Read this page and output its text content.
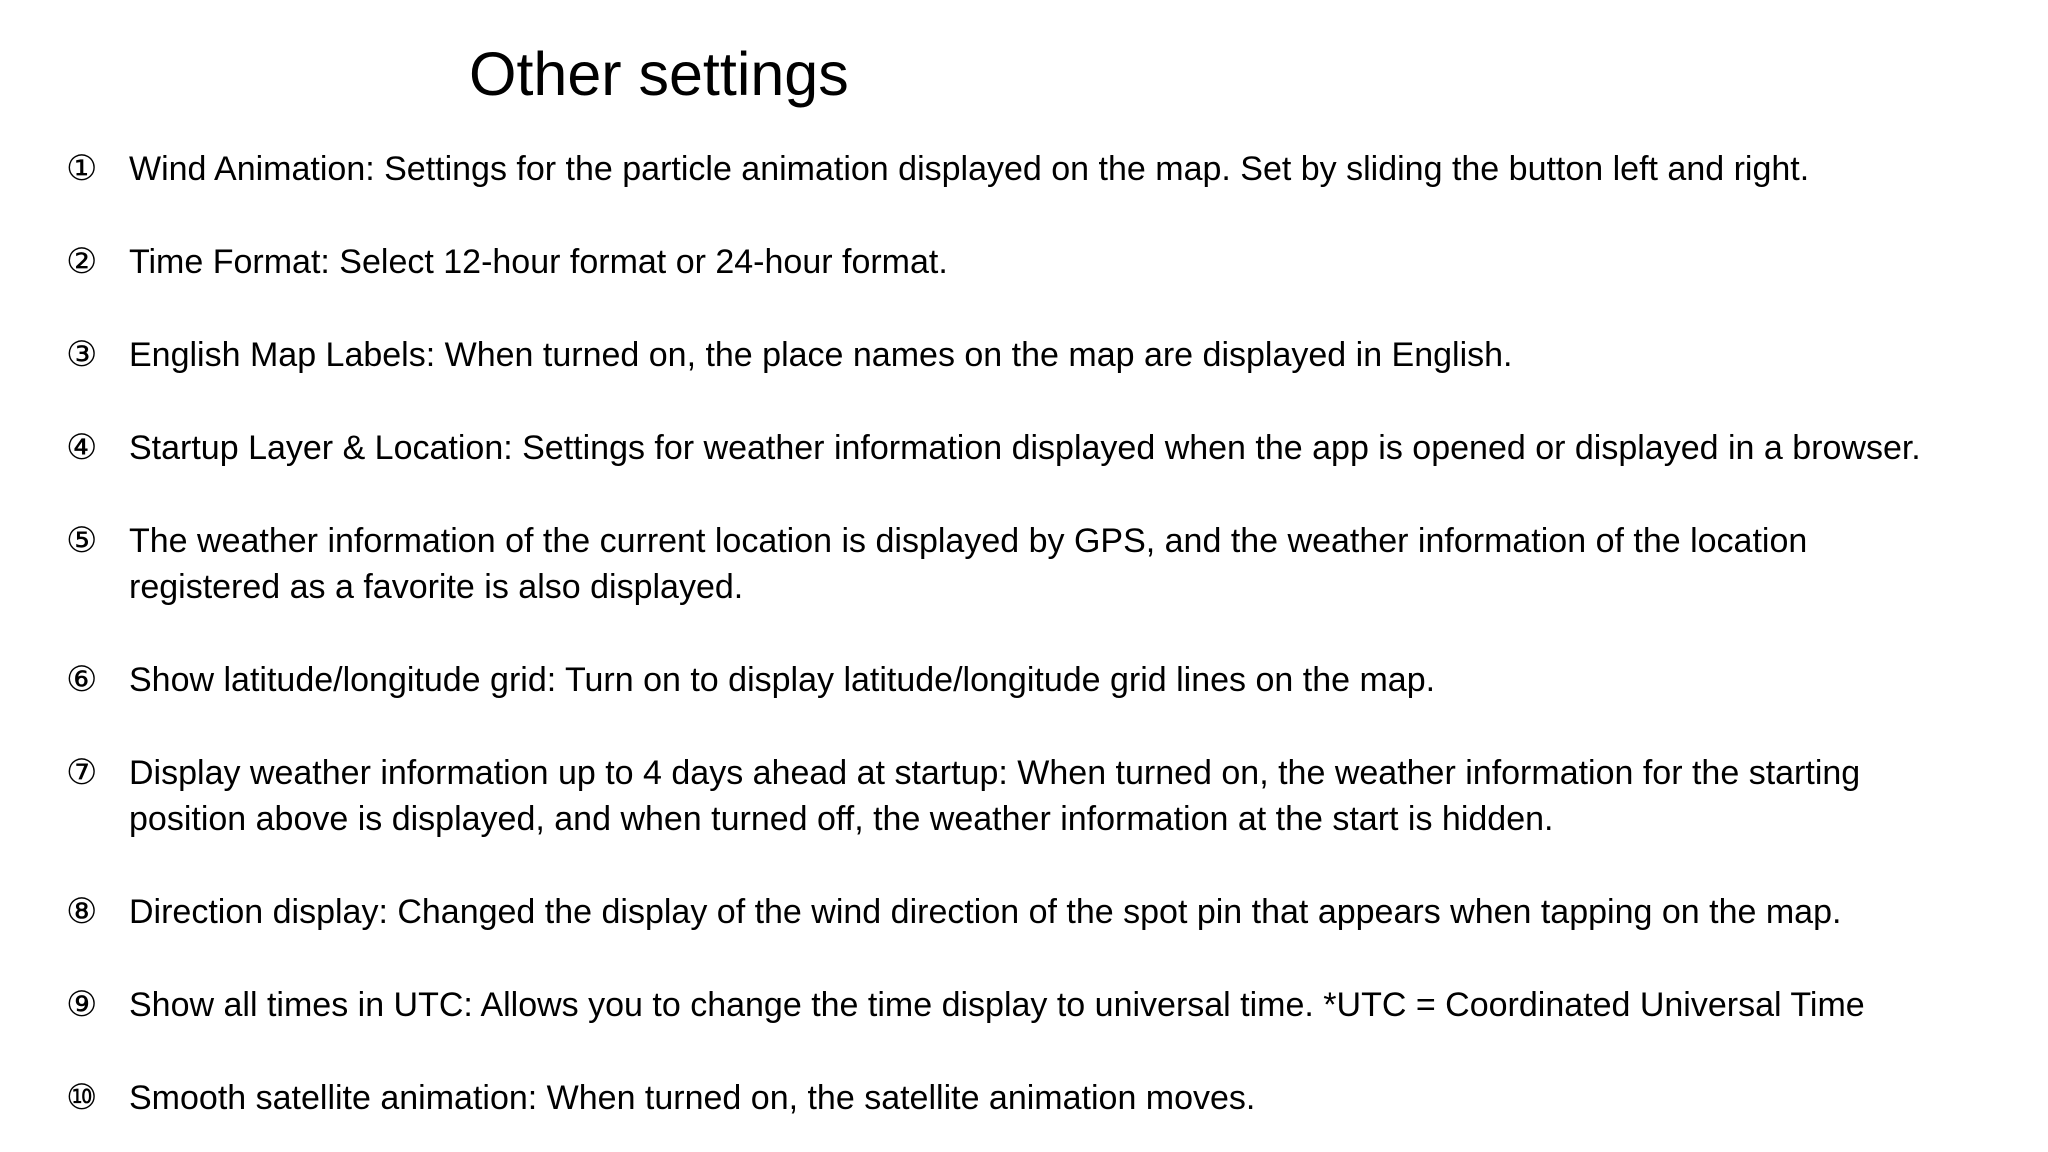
Other settings
① Wind Animation: Settings for the particle animation displayed on the map. Set by sliding the button left and right.
② Time Format: Select 12-hour format or 24-hour format.
③ English Map Labels: When turned on, the place names on the map are displayed in English.
④ Startup Layer & Location: Settings for weather information displayed when the app is opened or displayed in a browser.
⑤ The weather information of the current location is displayed by GPS, and the weather information of the location
registered as a favorite is also displayed.
⑥ Show latitude/longitude grid: Turn on to display latitude/longitude grid lines on the map.
⑦ Display weather information up to 4 days ahead at startup: When turned on, the weather information for the starting
position above is displayed, and when turned off, the weather information at the start is hidden.
⑧ Direction display: Changed the display of the wind direction of the spot pin that appears when tapping on the map.
⑨ Show all times in UTC: Allows you to change the time display to universal time. *UTC = Coordinated Universal Time
⑩ Smooth satellite animation: When turned on, the satellite animation moves.
